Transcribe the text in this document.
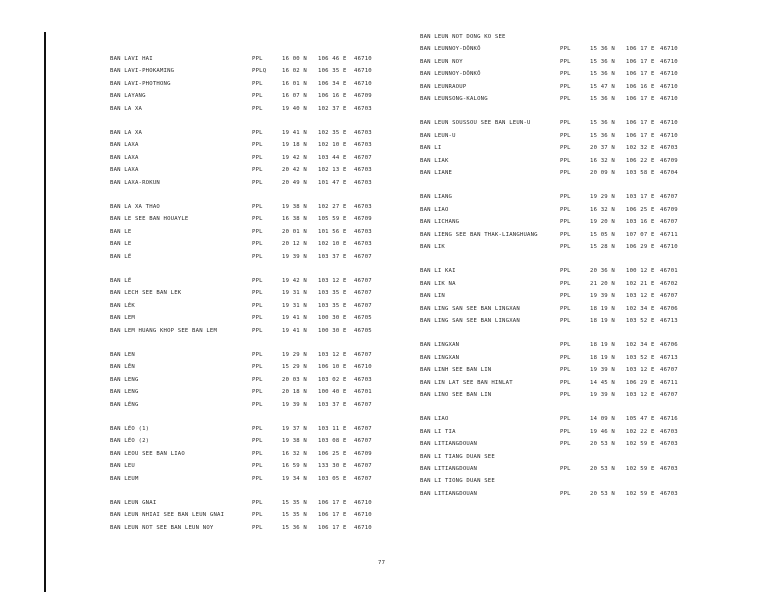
BAN LAVI HAI	PPL	16 00 N 106 46 E 46710
BAN LAVI-PHOKAMING	PPLQ	16 02 N 106 35 E 46710
BAN LAVI-PHOTHONG	PPL	16 01 N 106 34 E 46710
BAN LAYANG	PPL	16 07 N 106 16 E 46709
BAN LA XA	PPL	19 40 N 102 37 E 46703
BAN LA XA	PPL	19 41 N 102 35 E 46703
BAN LAXA	PPL	19 18 N 102 10 E 46703
BAN LAXA	PPL	19 42 N 103 44 E 46707
BAN LAXA	PPL	20 42 N 102 13 E 46703
BAN LAXA-ROKUN	PPL	20 49 N 101 47 E 46703
BAN LA XA THAO	PPL	19 38 N 102 27 E 46703
BAN LE SEE BAN HOUAYLE	PPL	16 38 N 105 59 E 46709
BAN LE	PPL	20 01 N 101 56 E 46703
BAN LE	PPL	20 12 N 102 10 E 46703
BAN LẼ	PPL	19 39 N 103 37 E 46707
BAN LẼ	PPL	19 42 N 103 12 E 46707
BAN LECH SEE BAN LEK	PPL	19 31 N 103 35 E 46707
BAN LÉK	PPL	19 31 N 103 35 E 46707
BAN LEM	PPL	19 41 N 100 30 E 46705
BAN LEM HUANG KHOP SEE BAN LEM	PPL	19 41 N 100 30 E 46705
BAN LEN	PPL	19 29 N 103 12 E 46707
BAN LÊN	PPL	15 29 N 106 10 E 46710
BAN LENG	PPL	20 03 N 103 02 E 46703
BAN LENG	PPL	20 18 N 100 40 E 46701
BAN LẼNG	PPL	19 39 N 103 37 E 46707
BAN LẼO (1)	PPL	19 37 N 103 11 E 46707
BAN LẼO (2)	PPL	19 38 N 103 08 E 46707
BAN LEOU SEE BAN LIAO	PPL	16 32 N 106 25 E 46709
BAN LEU	PPL	16 59 N 133 30 E 46707
BAN LEUM	PPL	19 34 N 103 05 E 46707
BAN LEUN GNAI	PPL	15 35 N 106 17 E 46710
BAN LEUN NHIAI SEE BAN LEUN GNAI	PPL	15 35 N 106 17 E 46710
BAN LEUN NOT SEE BAN LEUN NOY	PPL	15 36 N 106 17 E 46710
BAN LEUN NOT DONG KO SEE
BAN LEUNNOY-DÔNKÔ	PPL	15 36 N 106 17 E 46710
BAN LEUN NOY	PPL	15 36 N 106 17 E 46710
BAN LEUNNOY-DÔNKÔ	PPL	15 36 N 106 17 E 46710
BAN LEUNRAOUP	PPL	15 47 N 106 16 E 46710
BAN LEUNSONG-KALONG	PPL	15 36 N 106 17 E 46710
BAN LEUN SOUSSOU SEE BAN LEUN-U	PPL	15 36 N 106 17 E 46710
BAN LEUN-U	PPL	15 36 N 106 17 E 46710
BAN LI	PPL	20 37 N 102 32 E 46703
BAN LIAK	PPL	16 32 N 106 22 E 46709
BAN LIANE	PPL	20 09 N 103 58 E 46704
BAN LIANG	PPL	19 29 N 103 17 E 46707
BAN LIAO	PPL	16 32 N 106 25 E 46709
BAN LICHANG	PPL	19 20 N 103 16 E 46707
BAN LIENG SEE BAN THAK-LIANGHUANG	PPL	15 05 N 107 07 E 46711
BAN LIK	PPL	15 28 N 106 29 E 46710
BAN LI KAI	PPL	20 36 N 100 12 E 46701
BAN LIK NA	PPL	21 20 N 102 21 E 46702
BAN LIN	PPL	19 39 N 103 12 E 46707
BAN LING SAN SEE BAN LINGXAN	PPL	18 19 N 102 34 E 46706
BAN LING SAN SEE BAN LINGXAN	PPL	18 19 N 103 52 E 46713
BAN LINGXAN	PPL	18 19 N 102 34 E 46706
BAN LINGXAN	PPL	18 19 N 103 52 E 46713
BAN LINH SEE BAN LIN	PPL	19 39 N 103 12 E 46707
BAN LIN LAT SEE BAN HINLAT	PPL	14 45 N 106 29 E 46711
BAN LINO SEE BAN LIN	PPL	19 39 N 103 12 E 46707
BAN LIAO	PPL	14 09 N 105 47 E 46716
BAN LI TIA	PPL	19 46 N 102 22 E 46703
BAN LITIANGDOUAN	PPL	20 53 N 102 59 E 46703
BAN LI TIANG DUAN SEE
BAN LITIANGDOUAN	PPL	20 53 N 102 59 E 46703
BAN LI TIONG DUAN SEE
BAN LITIANGDOUAN	PPL	20 53 N 102 59 E 46703
77
